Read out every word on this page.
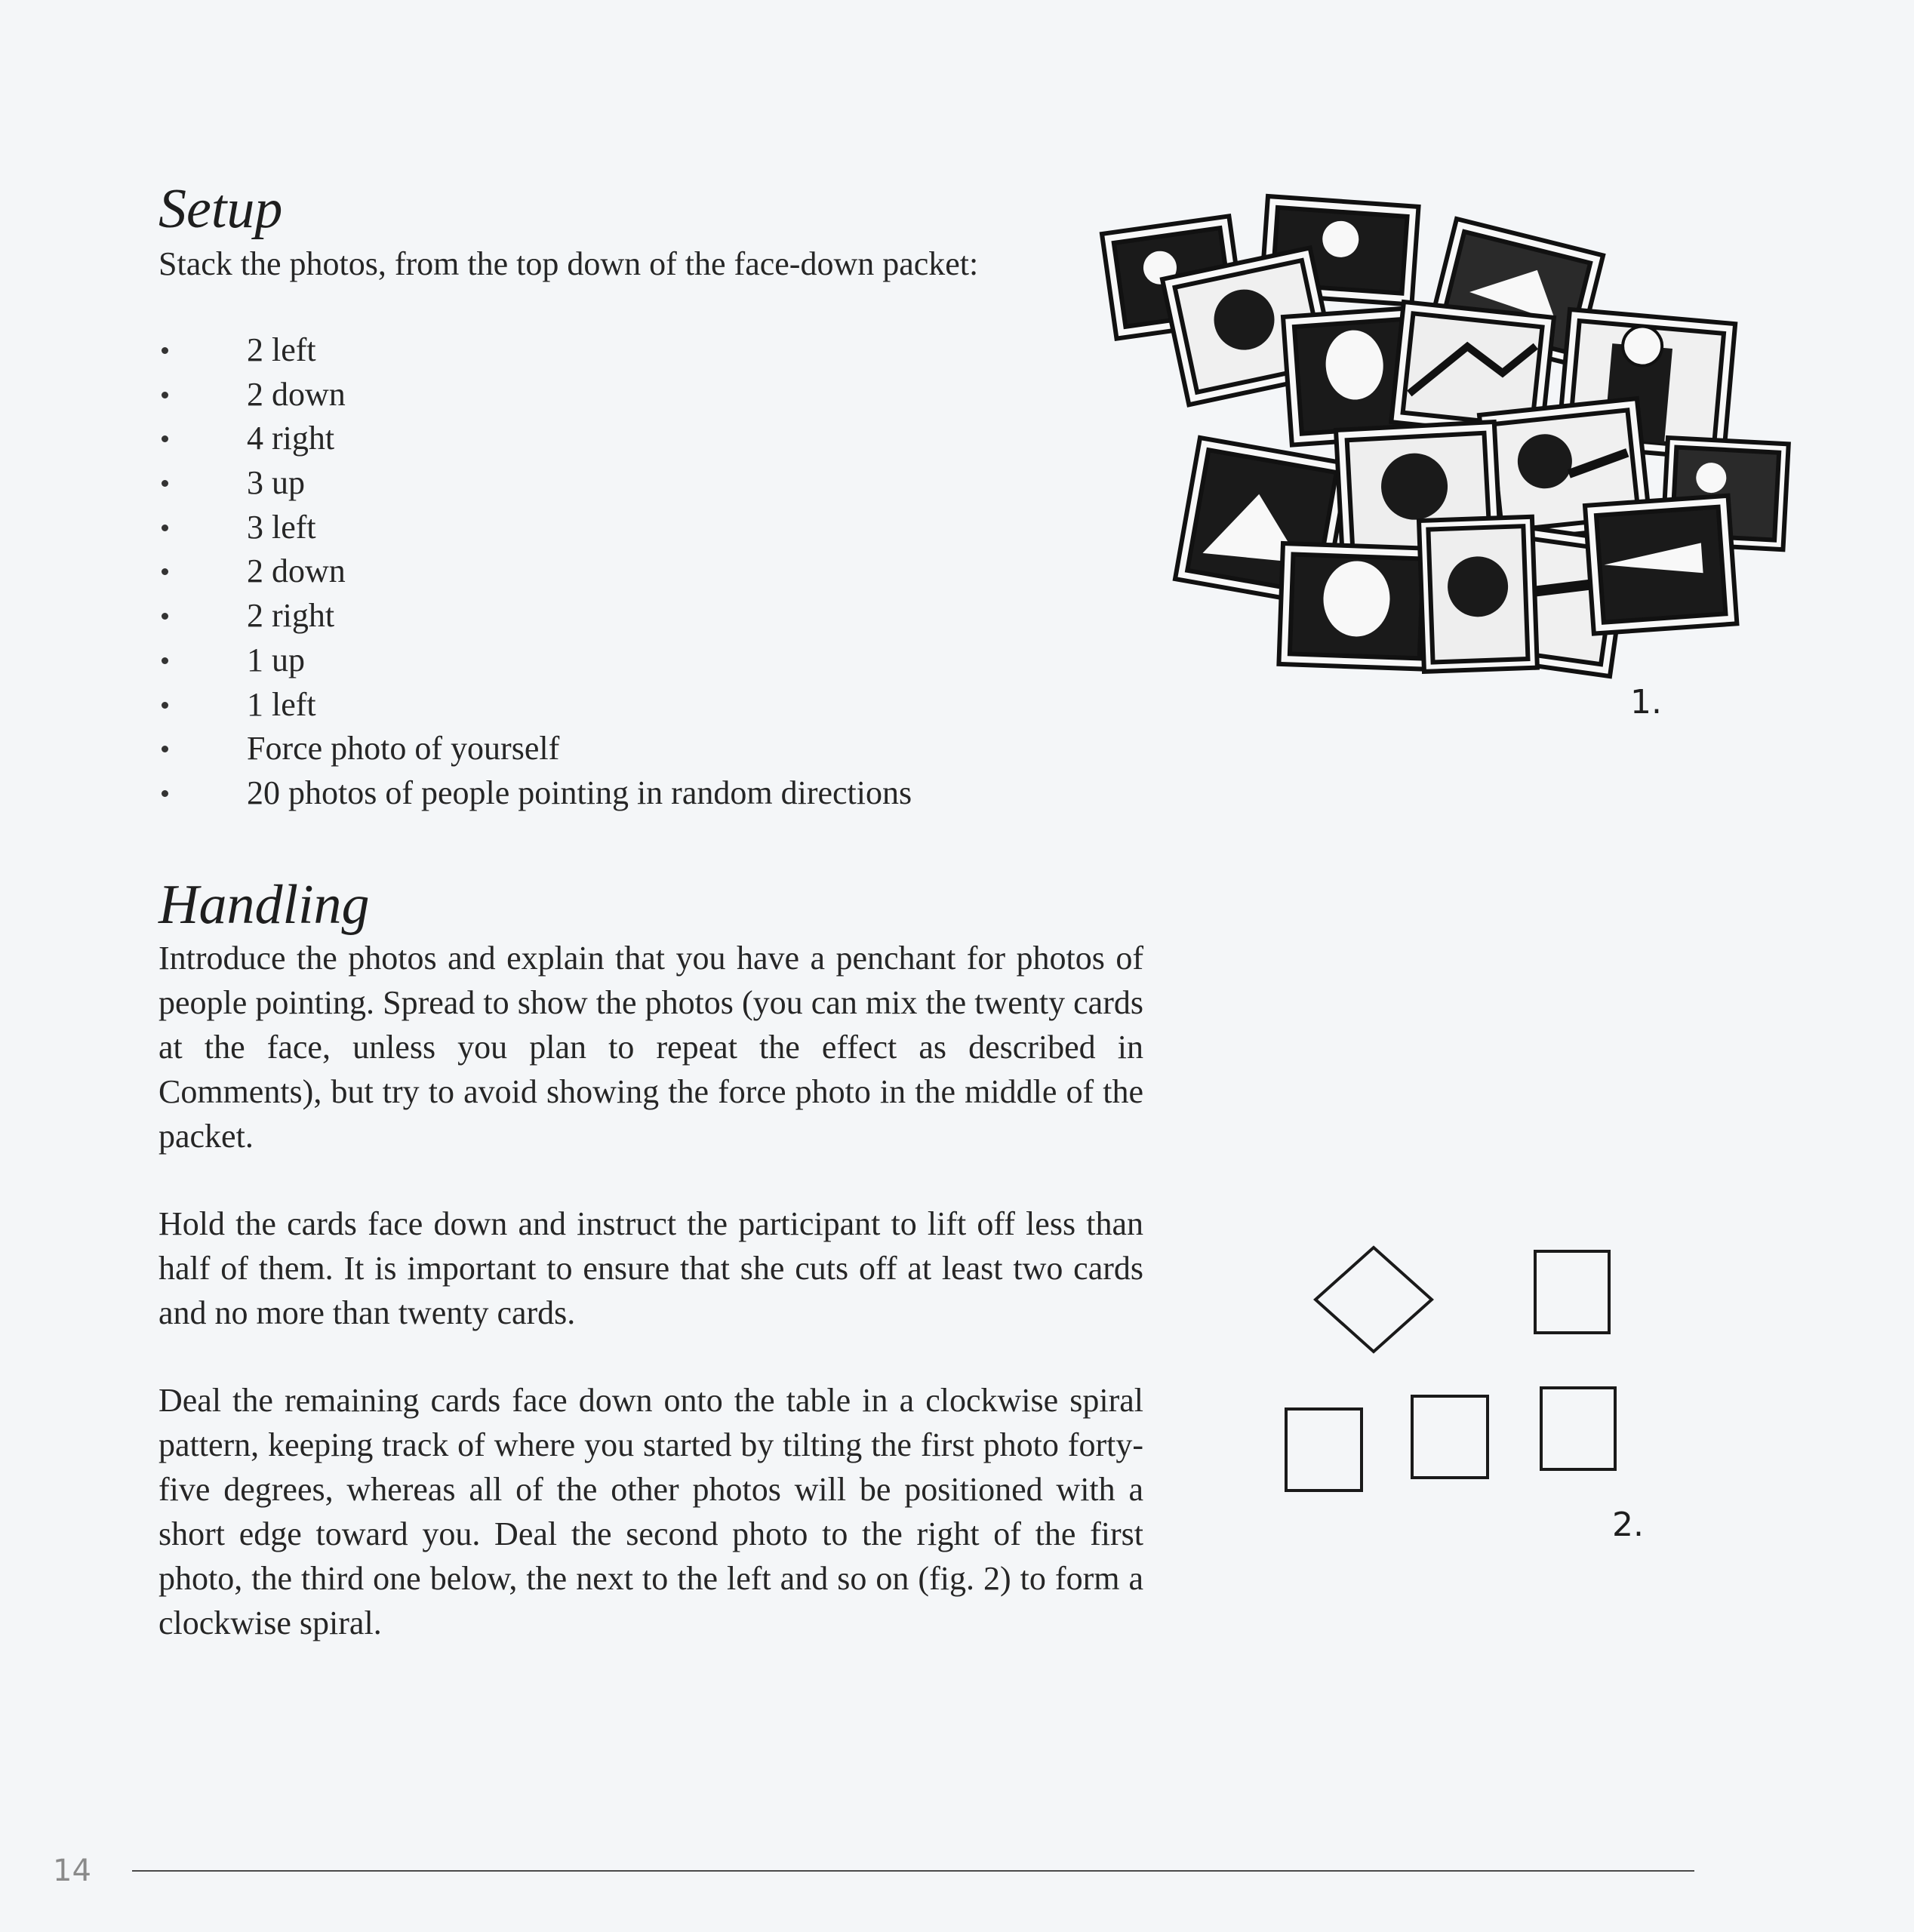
Setup

Stack the photos, from the top down of the face-down packet:

2 left
2 down
4 right
3 up
3 left
2 down
2 right
1 up
1 left
Force photo of yourself
20 photos of people pointing in random directions
Handling

Introduce the photos and explain that you have a penchant for photos of people pointing. Spread to show the photos (you can mix the twenty cards at the face, unless you plan to repeat the effect as described in Comments), but try to avoid showing the force photo in the middle of the packet.

Hold the cards face down and instruct the participant to lift off less than half of them. It is important to ensure that she cuts off at least two cards and no more than twenty cards.

Deal the remaining cards face down onto the table in a clockwise spiral pattern, keeping track of where you started by tilting the first photo forty-five degrees, whereas all of the other photos will be positioned with a short edge toward you. Deal the second photo to the right of the first photo, the third one below, the next to the left and so on (fig. 2) to form a clockwise spiral.

1.

2.

14
